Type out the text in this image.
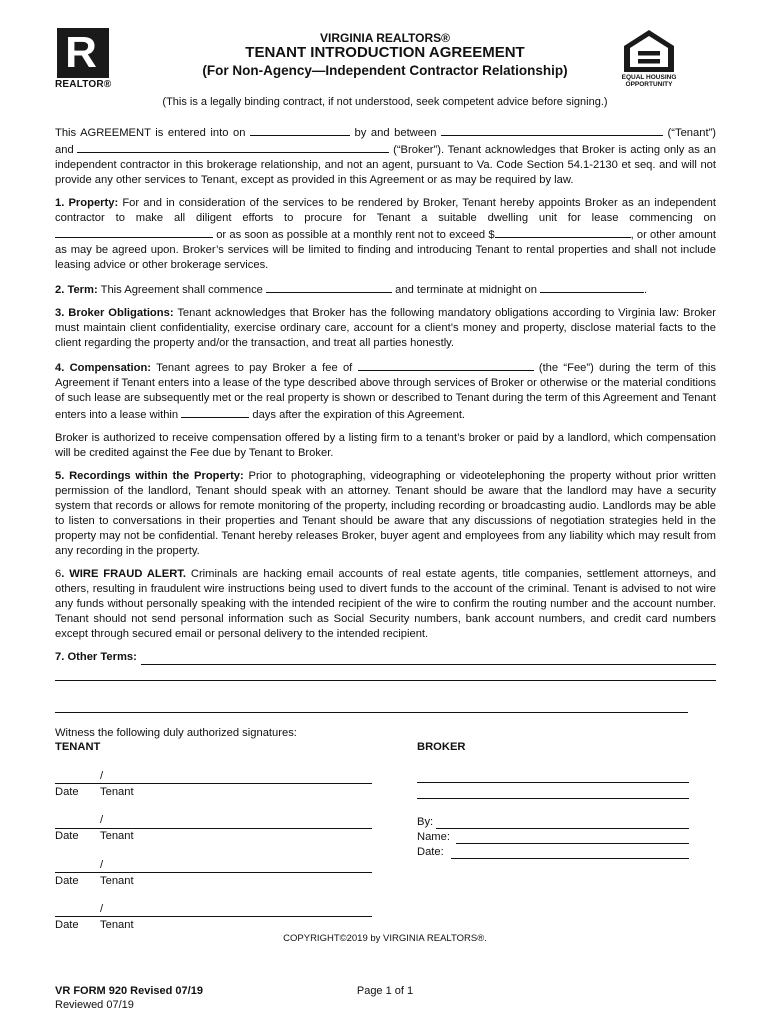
R
REALTOR®
EQUAL HOUSING
OPPORTUNITY
VIRGINIA REALTORS®
TENANT INTRODUCTION AGREEMENT
(For Non-Agency—Independent Contractor Relationship)
(This is a legally binding contract, if not understood, seek competent advice before signing.)

This AGREEMENT is entered into on	by and between	(“Tenant”) and	(“Broker”). Tenant acknowledges that Broker is acting only as an independent contractor in this brokerage relationship, and not an agent, pursuant to Va. Code Section 54.1-2130 et seq. and will not provide any other services to Tenant, except as provided in this Agreement or as may be required by law.

1. Property: For and in consideration of the services to be rendered by Broker, Tenant hereby appoints Broker as an independent contractor to make all diligent efforts to procure for Tenant a suitable dwelling unit for lease commencing on  or as soon as possible at a monthly rent not to exceed $	, or other amount as may be agreed upon. Broker’s services will be limited to finding and introducing Tenant to rental properties and shall not include leasing advice or other brokerage services.

2. Term: This Agreement shall commence	and terminate at midnight on	.

3. Broker Obligations: Tenant acknowledges that Broker has the following mandatory obligations according to Virginia law: Broker must maintain client confidentiality, exercise ordinary care, account for a client’s money and property, disclose material facts to the client regarding the property and/or the transaction, and treat all parties honestly.

4. Compensation: Tenant agrees to pay Broker a fee of	(the “Fee”) during the term of this Agreement if Tenant enters into a lease of the type described above through services of Broker or otherwise or the material conditions of such lease are subsequently met or the real property is shown or described to Tenant during the term of this Agreement and Tenant enters into a lease within	days after the expiration of this Agreement.

Broker is authorized to receive compensation offered by a listing firm to a tenant’s broker or paid by a landlord, which compensation will be credited against the Fee due by Tenant to Broker.

5. Recordings within the Property: Prior to photographing, videographing or videotelephoning the property without prior written permission of the landlord, Tenant should speak with an attorney. Tenant should be aware that the landlord may have a security system that records or allows for remote monitoring of the property, including recording or broadcasting audio. Landlords may be able to listen to conversations in their properties and Tenant should be aware that any discussions of negotiation strategies held in the property may not be confidential. Tenant hereby releases Broker, buyer agent and employees from any liability which may result from any recording in the property.

6. WIRE FRAUD ALERT. Criminals are hacking email accounts of real estate agents, title companies, settlement attorneys, and others, resulting in fraudulent wire instructions being used to divert funds to the account of the criminal. Tenant is advised to not wire any funds without personally speaking with the intended recipient of the wire to confirm the routing number and the account number. Tenant should not send personal information such as Social Security numbers, bank account numbers, and credit card numbers except through secured email or personal delivery to the intended recipient.

7. Other Terms:
Witness the following duly authorized signatures:
TENANT	BROKER
/
Date Tenant
/
Date Tenant
/
Date Tenant
/
Date Tenant
By:
Name:
Date:
COPYRIGHT©2019 by VIRGINIA REALTORS®.
VR FORM 920 Revised 07/19
Reviewed 07/19
Page 1 of 1
